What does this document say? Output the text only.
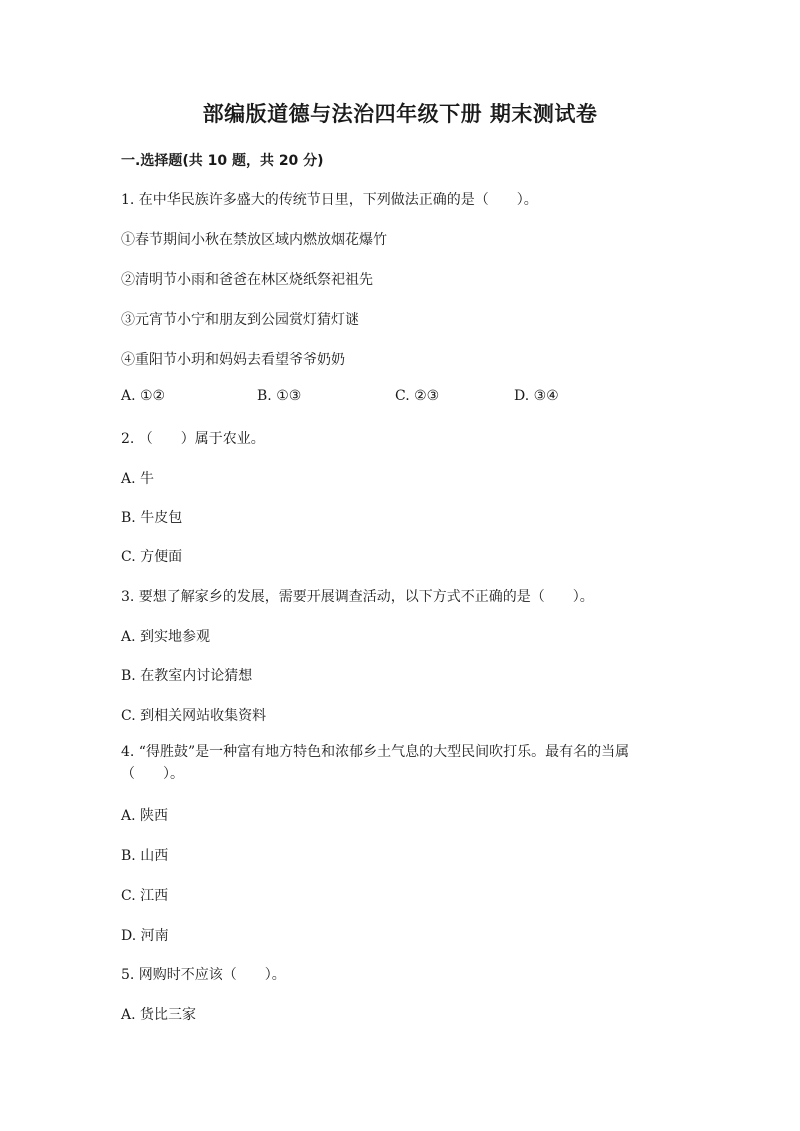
部编版道德与法治四年级下册 期末测试卷
一.选择题(共 10 题，共 20 分)
1. 在中华民族许多盛大的传统节日里，下列做法正确的是（　　）。
①春节期间小秋在禁放区域内燃放烟花爆竹
②清明节小雨和爸爸在林区烧纸祭祀祖先
③元宵节小宁和朋友到公园赏灯猜灯谜
④重阳节小玥和妈妈去看望爷爷奶奶
A. ①②	B. ①③	C. ②③	D. ③④
2. （　　）属于农业。
A. 牛
B. 牛皮包
C. 方便面
3. 要想了解家乡的发展，需要开展调查活动，以下方式不正确的是（　　）。
A. 到实地参观
B. 在教室内讨论猜想
C. 到相关网站收集资料
4. “得胜鼓”是一种富有地方特色和浓郁乡土气息的大型民间吹打乐。最有名的当属（　　）。
A. 陕西
B. 山西
C. 江西
D. 河南
5. 网购时不应该（　　）。
A. 货比三家
